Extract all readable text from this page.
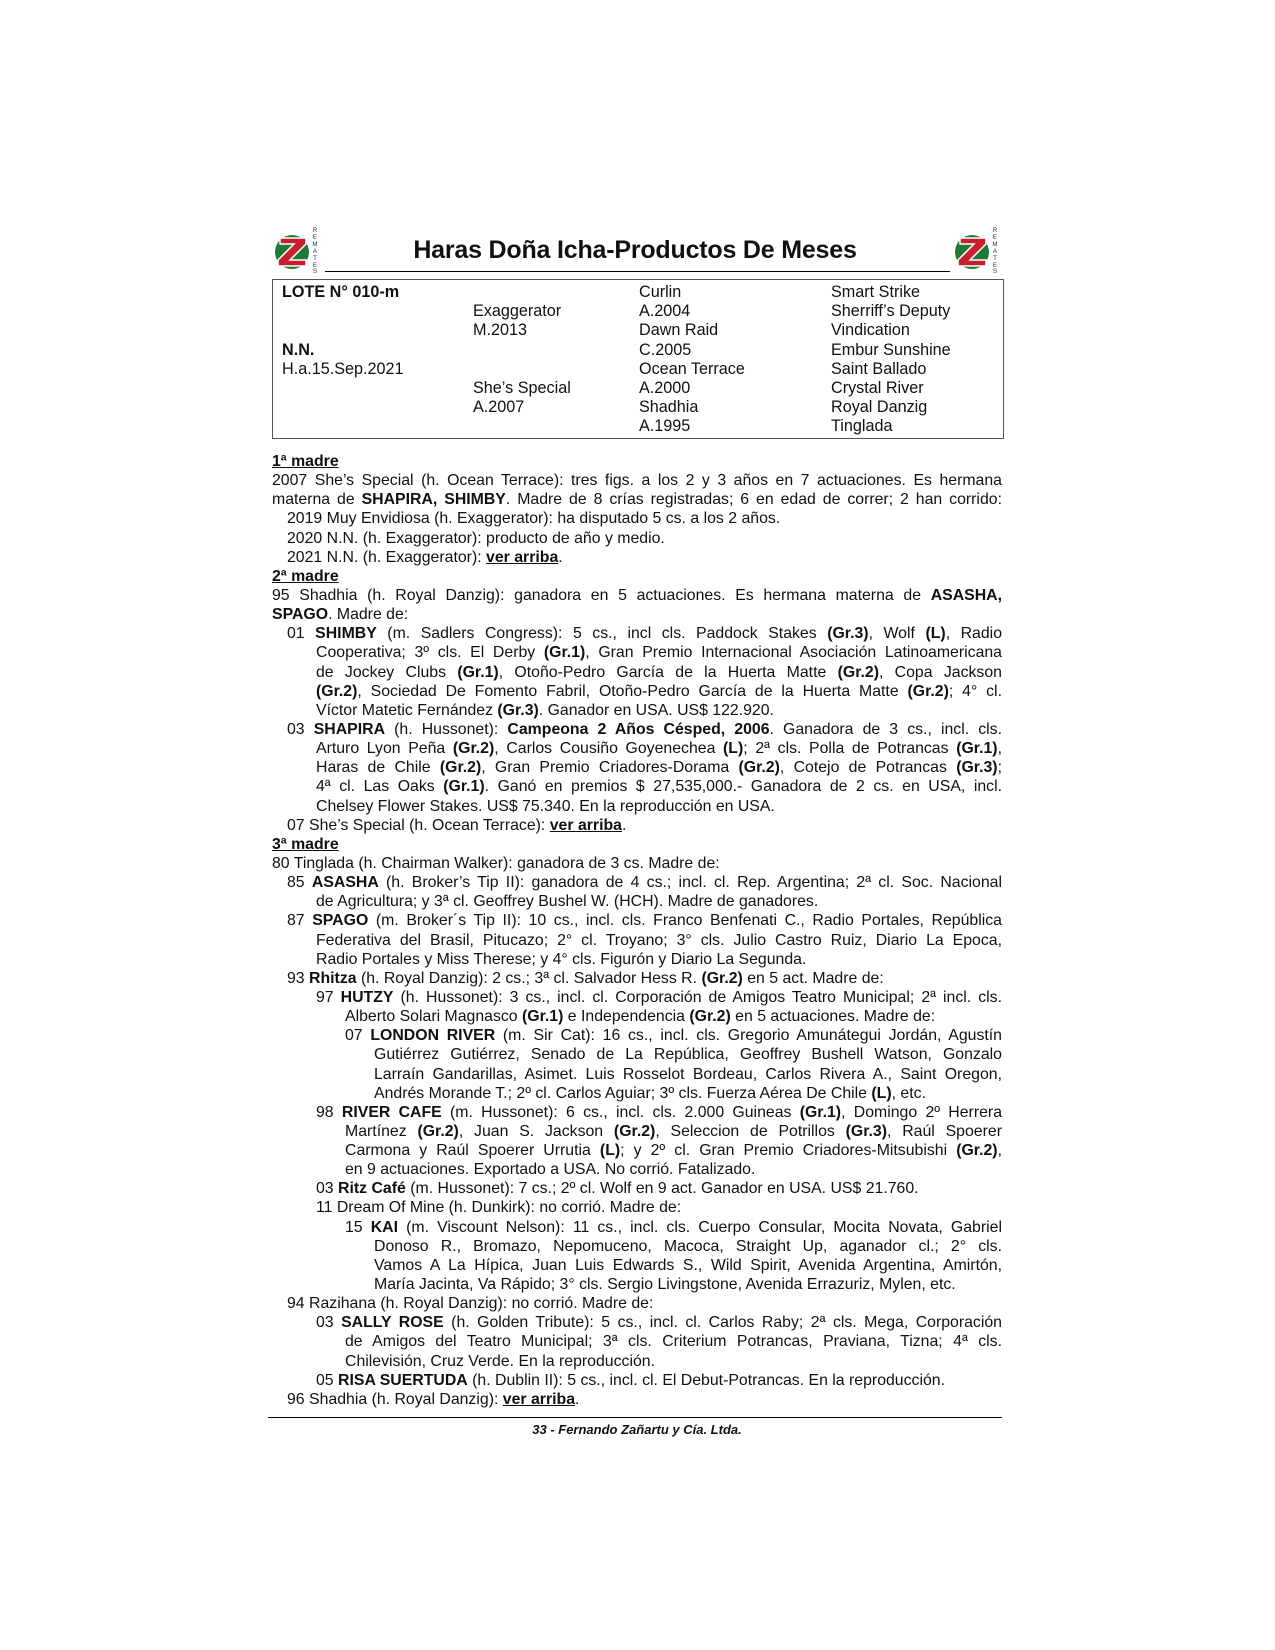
R
E
M
A
T
E
S
R
E
M
A
T
E
S
Haras Doña Icha-Productos De Meses
LOTE N° 010-m
N.N.
H.a.15.Sep.2021
Exaggerator
M.2013
She’s Special
A.2007
Curlin
A.2004
Dawn Raid
C.2005
Ocean Terrace
A.2000
Shadhia
A.1995
Smart Strike
Sherriff’s Deputy
Vindication
Embur Sunshine
Saint Ballado
Crystal River
Royal Danzig
Tinglada
1ª madre
2007 She’s Special (h. Ocean Terrace): tres figs. a los 2 y 3 años en 7 actuaciones. Es hermana
materna de SHAPIRA, SHIMBY. Madre de 8 crías registradas; 6 en edad de correr; 2 han corrido:
2019 Muy Envidiosa (h. Exaggerator): ha disputado 5 cs. a los 2 años.
2020 N.N. (h. Exaggerator): producto de año y medio.
2021 N.N. (h. Exaggerator): ver arriba.
2ª madre
95 Shadhia (h. Royal Danzig): ganadora en 5 actuaciones. Es hermana materna de ASASHA,
SPAGO. Madre de:
01 SHIMBY (m. Sadlers Congress): 5 cs., incl cls. Paddock Stakes (Gr.3), Wolf (L), Radio
Cooperativa; 3º cls. El Derby (Gr.1), Gran Premio Internacional Asociación Latinoamericana
de Jockey Clubs (Gr.1), Otoño-Pedro García de la Huerta Matte (Gr.2), Copa Jackson
(Gr.2), Sociedad De Fomento Fabril, Otoño-Pedro García de la Huerta Matte (Gr.2); 4° cl.
Víctor Matetic Fernández (Gr.3). Ganador en USA. US$ 122.920.
03 SHAPIRA (h. Hussonet): Campeona 2 Años Césped, 2006. Ganadora de 3 cs., incl. cls.
Arturo Lyon Peña (Gr.2), Carlos Cousiño Goyenechea (L); 2ª cls. Polla de Potrancas (Gr.1),
Haras de Chile (Gr.2), Gran Premio Criadores-Dorama (Gr.2), Cotejo de Potrancas (Gr.3);
4ª cl. Las Oaks (Gr.1). Ganó en premios $ 27,535,000.- Ganadora de 2 cs. en USA, incl.
Chelsey Flower Stakes. US$ 75.340. En la reproducción en USA.
07 She’s Special (h. Ocean Terrace): ver arriba.
3ª madre
80 Tinglada (h. Chairman Walker): ganadora de 3 cs. Madre de:
85 ASASHA (h. Broker’s Tip II): ganadora de 4 cs.; incl. cl. Rep. Argentina; 2ª cl. Soc. Nacional
de Agricultura; y 3ª cl. Geoffrey Bushel W. (HCH). Madre de ganadores.
87 SPAGO (m. Broker´s Tip II): 10 cs., incl. cls. Franco Benfenati C., Radio Portales, República
Federativa del Brasil, Pitucazo; 2° cl. Troyano; 3° cls. Julio Castro Ruiz, Diario La Epoca,
Radio Portales y Miss Therese; y 4° cls. Figurón y Diario La Segunda.
93 Rhitza (h. Royal Danzig): 2 cs.; 3ª cl. Salvador Hess R. (Gr.2) en 5 act. Madre de:
97 HUTZY (h. Hussonet): 3 cs., incl. cl. Corporación de Amigos Teatro Municipal; 2ª incl. cls.
Alberto Solari Magnasco (Gr.1) e Independencia (Gr.2) en 5 actuaciones. Madre de:
07 LONDON RIVER (m. Sir Cat): 16 cs., incl. cls. Gregorio Amunátegui Jordán, Agustín
Gutiérrez Gutiérrez, Senado de La República, Geoffrey Bushell Watson, Gonzalo
Larraín Gandarillas, Asimet. Luis Rosselot Bordeau, Carlos Rivera A., Saint Oregon,
Andrés Morande T.; 2º cl. Carlos Aguiar; 3º cls. Fuerza Aérea De Chile (L), etc.
98 RIVER CAFE (m. Hussonet): 6 cs., incl. cls. 2.000 Guineas (Gr.1), Domingo 2º Herrera
Martínez (Gr.2), Juan S. Jackson (Gr.2), Seleccion de Potrillos (Gr.3), Raúl Spoerer
Carmona y Raúl Spoerer Urrutia (L); y 2º cl. Gran Premio Criadores-Mitsubishi (Gr.2),
en 9 actuaciones. Exportado a USA. No corrió. Fatalizado.
03 Ritz Café (m. Hussonet): 7 cs.; 2º cl. Wolf en 9 act. Ganador en USA. US$ 21.760.
11 Dream Of Mine (h. Dunkirk): no corrió. Madre de:
15 KAI (m. Viscount Nelson): 11 cs., incl. cls. Cuerpo Consular, Mocita Novata, Gabriel
Donoso R., Bromazo, Nepomuceno, Macoca, Straight Up, aganador cl.; 2° cls.
Vamos A La Hípica, Juan Luis Edwards S., Wild Spirit, Avenida Argentina, Amirtón,
María Jacinta, Va Rápido; 3° cls. Sergio Livingstone, Avenida Errazuriz, Mylen, etc.
94 Razihana (h. Royal Danzig): no corrió. Madre de:
03 SALLY ROSE (h. Golden Tribute): 5 cs., incl. cl. Carlos Raby; 2ª cls. Mega, Corporación
de Amigos del Teatro Municipal; 3ª cls. Criterium Potrancas, Praviana, Tizna; 4ª cls.
Chilevisión, Cruz Verde. En la reproducción.
05 RISA SUERTUDA (h. Dublin II): 5 cs., incl. cl. El Debut-Potrancas. En la reproducción.
96 Shadhia (h. Royal Danzig): ver arriba.
33 - Fernando Zañartu y Cía. Ltda.
